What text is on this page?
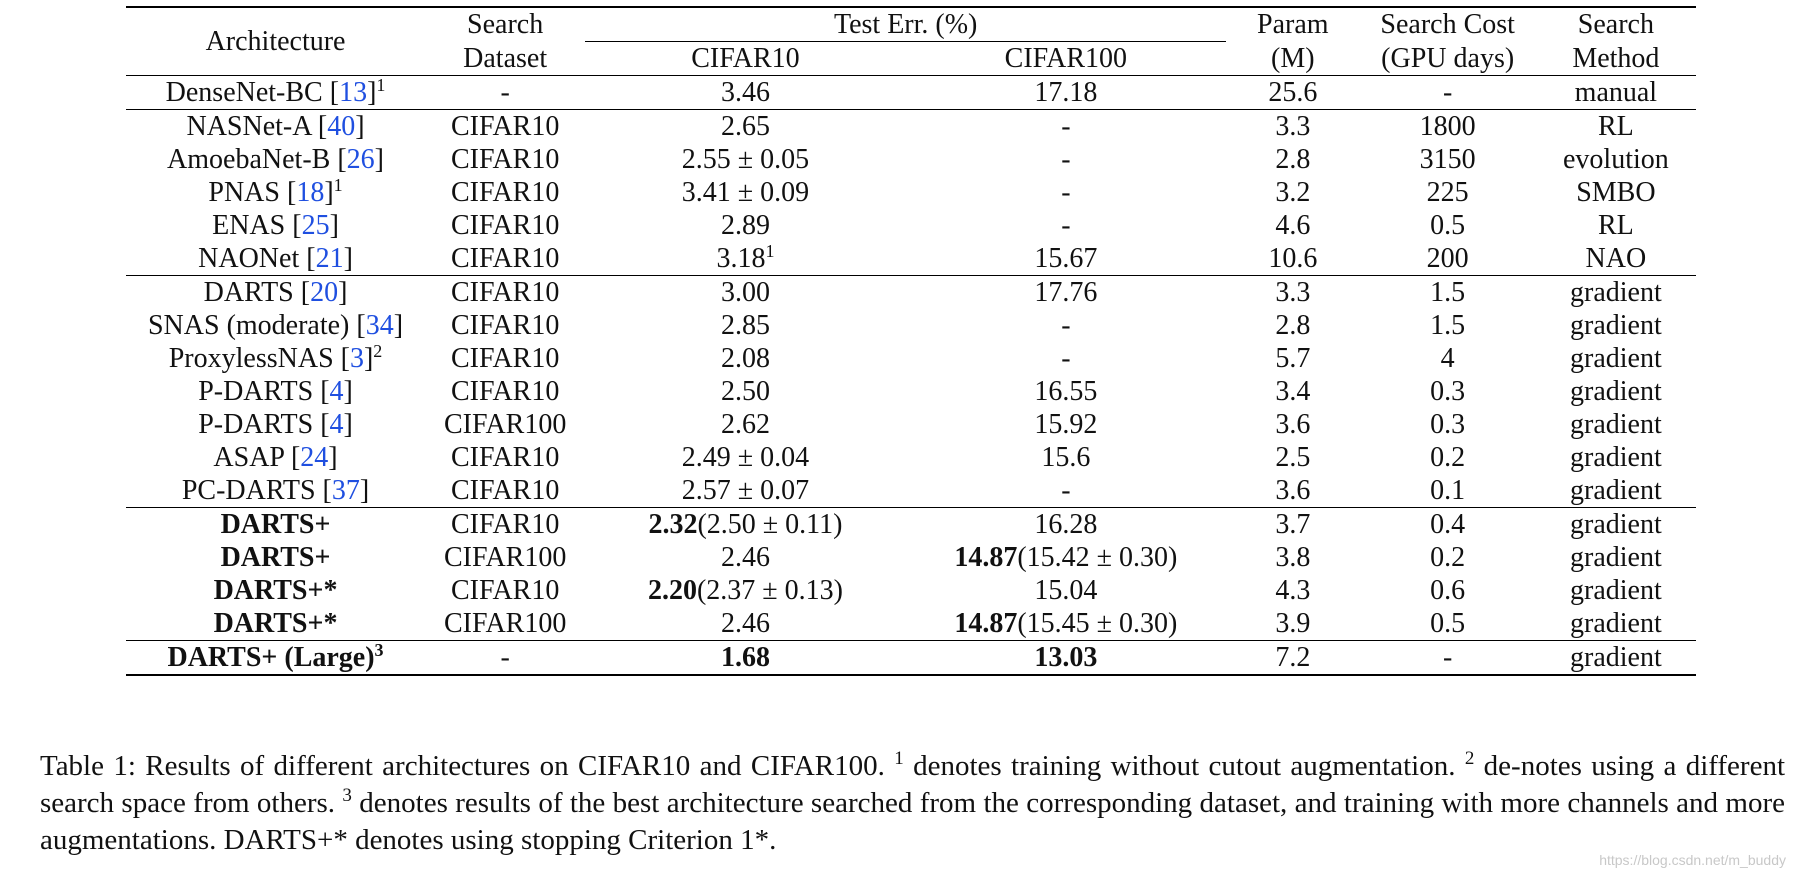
Architecture	Search	Test Err. (%)		Param	Search Cost	Search
	Dataset	CIFAR10	CIFAR100	(M)	(GPU days)	Method
DenseNet-BC $[13]^1$	-	3.46	17.18	25.6	-	manual
NASNet-A [40]	CIFAR10	2.65	-	3.3	1800	RL
AmoebaNet-B [26]	CIFAR10	2.55 ± 0.05	-	2.8	3150	evolution
PNAS $[18]^1$	CIFAR10	3.41 ± 0.09	-	3.2	225	SMBO
ENAS [25]	CIFAR10	2.89	-	4.6	0.5	RL
NAONet [21]	CIFAR10	3.18$^1$	15.67	10.6	200	NAO
DARTS [20]	CIFAR10	3.00	17.76	3.3	1.5	gradient
SNAS (moderate) [34]	CIFAR10	2.85	-	2.8	1.5	gradient
ProxylessNAS $[3]^2$	CIFAR10	2.08	-	5.7	4	gradient
P-DARTS [4]	CIFAR10	2.50	16.55	3.4	0.3	gradient
P-DARTS [4]	CIFAR100	2.62	15.92	3.6	0.3	gradient
ASAP [24]	CIFAR10	2.49 ± 0.04	15.6	2.5	0.2	gradient
PC-DARTS [37]	CIFAR10	2.57 ± 0.07	-	3.6	0.1	gradient
DARTS+	CIFAR10	2.32(2.50 ± 0.11)	16.28	3.7	0.4	gradient
DARTS+	CIFAR100	2.46	14.87(15.42 ± 0.30)	3.8	0.2	gradient
DARTS+*	CIFAR10	2.20(2.37 ± 0.13)	15.04	4.3	0.6	gradient
DARTS+*	CIFAR100	2.46	14.87(15.45 ± 0.30)	3.9	0.5	gradient
DARTS+ (Large)$^3$	-	1.68	13.03	7.2	-	gradient
Table 1: Results of different architectures on CIFAR10 and CIFAR100. $^1$ denotes training without cutout augmentation. $^2$ de-notes using a different search space from others. $^3$ denotes results of the best architecture searched from the corresponding dataset, and training with more channels and more augmentations. DARTS+* denotes using stopping Criterion 1*.
https://blog.csdn.net/m_buddy
